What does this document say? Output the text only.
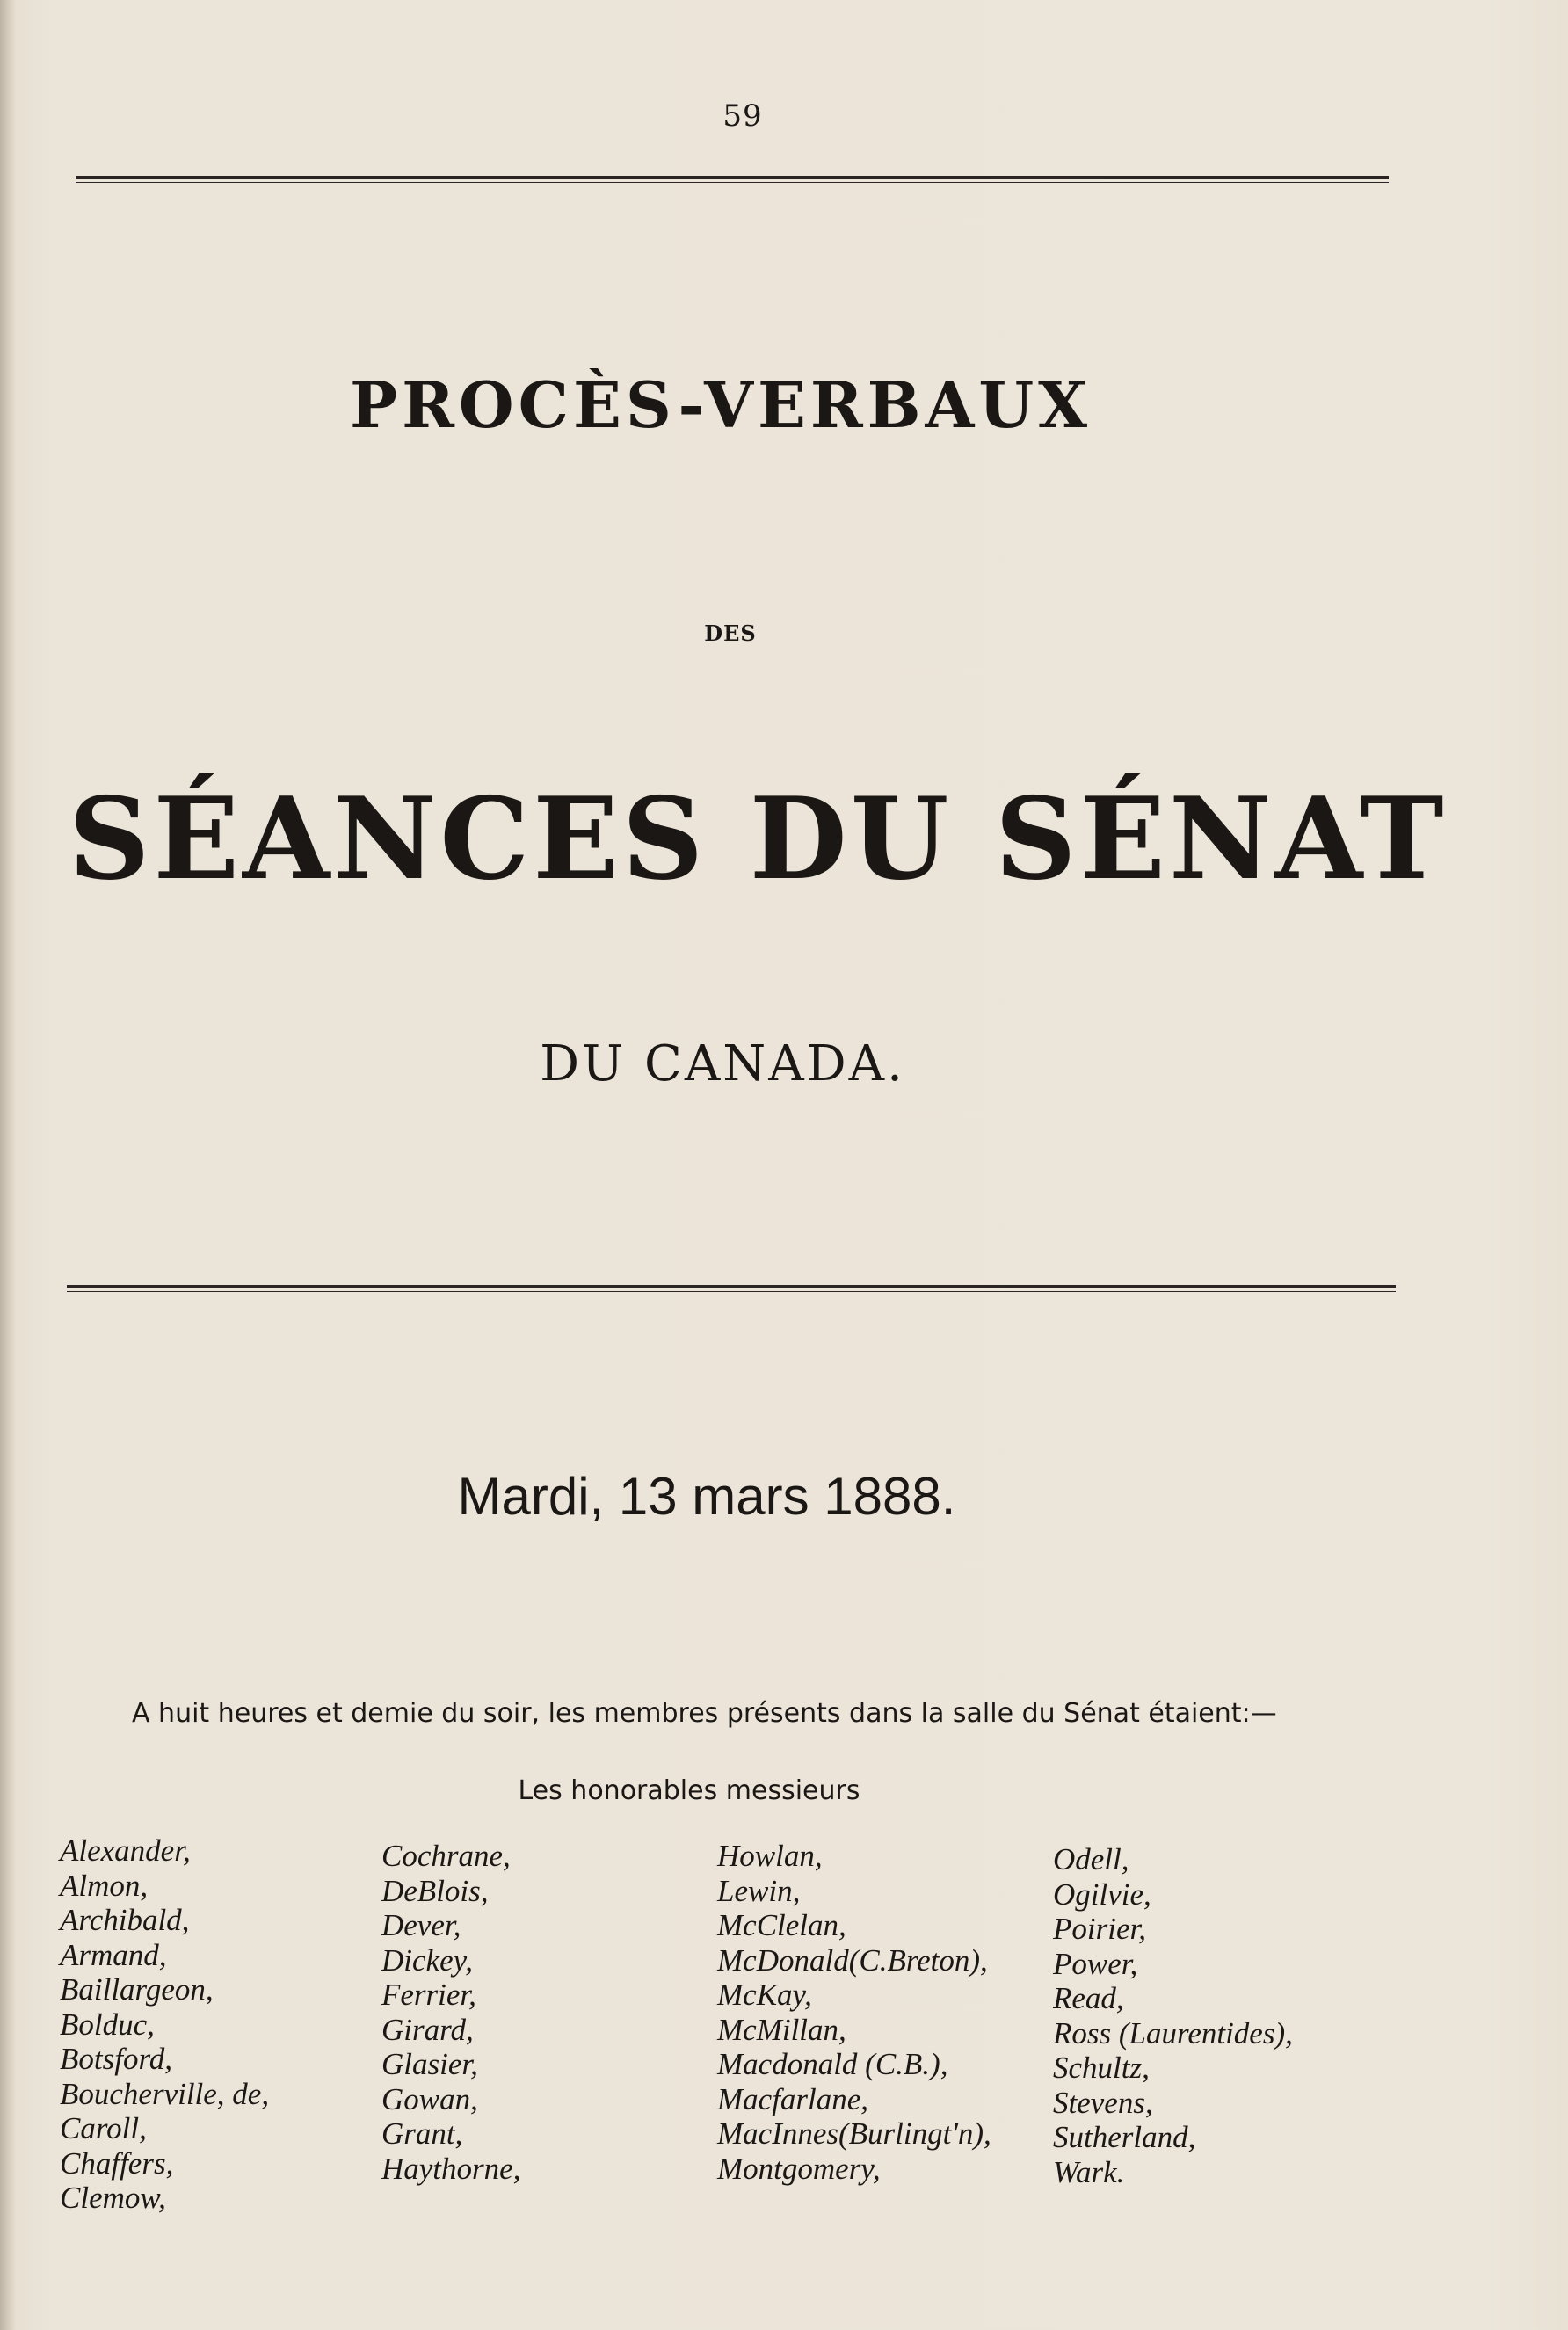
59
PROCÈS-VERBAUX
DES
SÉANCES DU SÉNAT
DU CANADA.
Mardi, 13 mars 1888.

A huit heures et demie du soir, les membres présents dans la salle du Sénat étaient:—

Les honorables messieurs
Alexander,
Almon,
Archibald,
Armand,
Baillargeon,
Bolduc,
Botsford,
Boucherville, de,
Caroll,
Chaffers,
Clemow,
Cochrane,
DeBlois,
Dever,
Dickey,
Ferrier,
Girard,
Glasier,
Gowan,
Grant,
Haythorne,
Howlan,
Lewin,
McClelan,
McDonald(C.Breton),
McKay,
McMillan,
Macdonald (C.B.),
Macfarlane,
MacInnes(Burlingt'n),
Montgomery,
Odell,
Ogilvie,
Poirier,
Power,
Read,
Ross (Laurentides),
Schultz,
Stevens,
Sutherland,
Wark.
